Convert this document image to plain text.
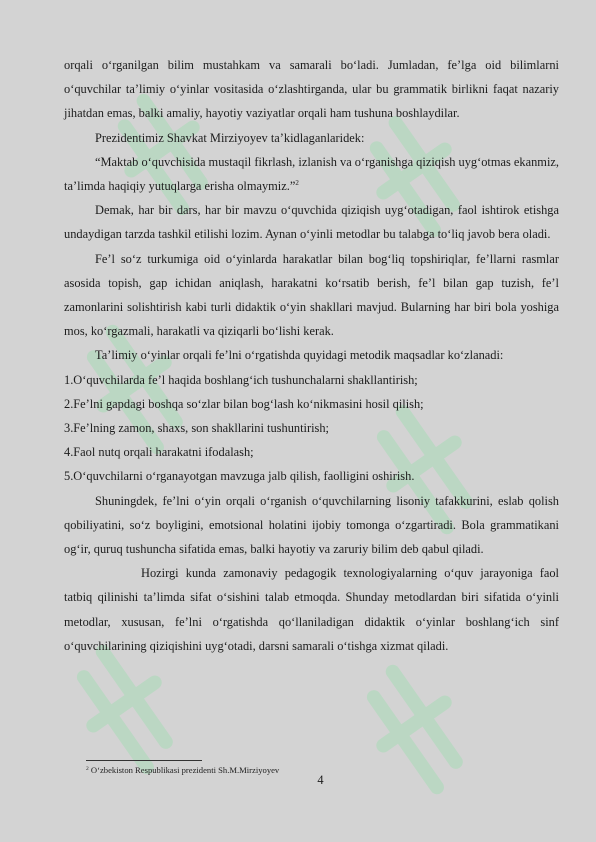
orqali o‘rganilgan bilim mustahkam va samarali bo‘ladi. Jumladan, fe’lga oid bilimlarni o‘quvchilar ta’limiy o‘yinlar vositasida o‘zlashtirganda, ular bu grammatik birlikni faqat nazariy jihatdan emas, balki amaliy, hayotiy vaziyatlar orqali ham tushuna boshlaydilar.

Prezidentimiz Shavkat Mirziyoyev ta’kidlaganlaridek:

“Maktab o‘quvchisida mustaqil fikrlash, izlanish va o‘rganishga qiziqish uyg‘otmas ekanmiz, ta’limda haqiqiy yutuqlarga erisha olmaymiz.”$^2$

Demak, har bir dars, har bir mavzu o‘quvchida qiziqish uyg‘otadigan, faol ishtirok etishga undaydigan tarzda tashkil etilishi lozim. Aynan o‘yinli metodlar bu talabga to‘liq javob bera oladi.

Fe’l so‘z turkumiga oid o‘yinlarda harakatlar bilan bog‘liq topshiriqlar, fe’llarni rasmlar asosida topish, gap ichidan aniqlash, harakatni ko‘rsatib berish, fe’l bilan gap tuzish, fe’l zamonlarini solishtirish kabi turli didaktik o‘yin shakllari mavjud. Bularning har biri bola yoshiga mos, ko‘rgazmali, harakatli va qiziqarli bo‘lishi kerak.

Ta’limiy o‘yinlar orqali fe’lni o‘rgatishda quyidagi metodik maqsadlar ko‘zlanadi:

1.O‘quvchilarda fe’l haqida boshlang‘ich tushunchalarni shakllantirish;

2.Fe’lni gapdagi boshqa so‘zlar bilan bog‘lash ko‘nikmasini hosil qilish;

3.Fe’lning zamon, shaxs, son shakllarini tushuntirish;

4.Faol nutq orqali harakatni ifodalash;

5.O‘quvchilarni o‘rganayotgan mavzuga jalb qilish, faolligini oshirish.

Shuningdek, fe’lni o‘yin orqali o‘rganish o‘quvchilarning lisoniy tafakkurini, eslab qolish qobiliyatini, so‘z boyligini, emotsional holatini ijobiy tomonga o‘zgartiradi. Bola grammatikani og‘ir, quruq tushuncha sifatida emas, balki hayotiy va zaruriy bilim deb qabul qiladi.

Hozirgi kunda zamonaviy pedagogik texnologiyalarning o‘quv jarayoniga faol tatbiq qilinishi ta’limda sifat o‘sishini talab etmoqda. Shunday metodlardan biri sifatida o‘yinli metodlar, xususan, fe’lni o‘rgatishda qo‘llaniladigan didaktik o‘yinlar boshlang‘ich sinf o‘quvchilarining qiziqishini uyg‘otadi, darsni samarali o‘tishga xizmat qiladi.

$^2$ O‘zbekiston Respublikasi prezidenti Sh.M.Mirziyoyev
4
